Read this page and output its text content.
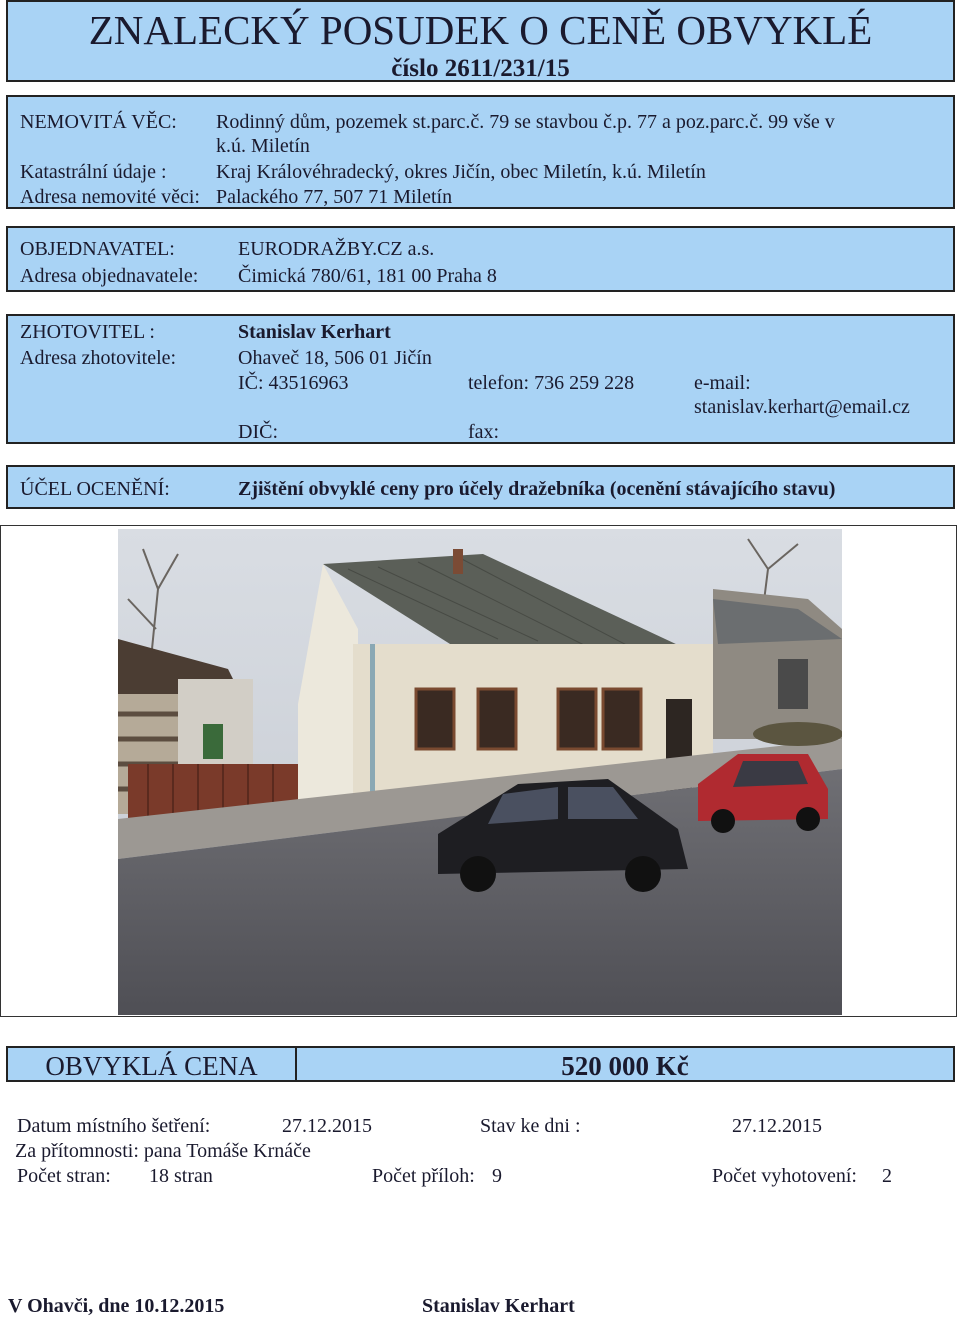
ZNALECKÝ POSUDEK O CENĚ OBVYKLÉ
číslo 2611/231/15
NEMOVITÁ VĚC: Rodinný dům, pozemek st.parc.č. 79 se stavbou č.p. 77 a poz.parc.č. 99 vše v
k.ú. Miletín
Katastrální údaje : Kraj Královéhradecký, okres Jičín, obec Miletín, k.ú. Miletín
Adresa nemovité věci: Palackého 77, 507 71 Miletín
OBJEDNAVATEL:	EURODRAŽBY.CZ a.s.
Adresa objednavatele: Čimická 780/61, 181 00 Praha 8
ZHOTOVITEL :	Stanislav Kerhart
Adresa zhotovitele:	Ohaveč 18, 506 01 Jičín
IČ: 43516963	telefon: 736 259 228	e-mail:
stanislav.kerhart@email.cz
DIČ:	fax:
ÚČEL OCENĚNÍ:	Zjištění obvyklé ceny pro účely dražebníka (ocenění stávajícího stavu)
OBVYKLÁ CENA	520 000 Kč
Datum místního šetření:	27.12.2015	Stav ke dni :	27.12.2015
Za přítomnosti: pana Tomáše Krnáče
Počet stran: 18 stran	Počet příloh: 9	Počet vyhotovení: 2
V Ohavči, dne 10.12.2015	Stanislav Kerhart
